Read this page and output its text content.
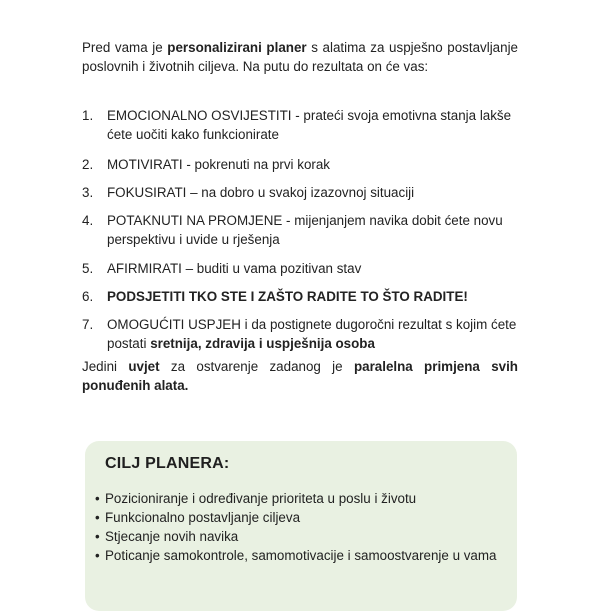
Pred vama je personalizirani planer s alatima za uspješno postavljanje poslovnih i životnih ciljeva. Na putu do rezultata on će vas:

1. EMOCIONALNO OSVIJESTITI - prateći svoja emotivna stanja lakše ćete uočiti kako funkcionirate
2. MOTIVIRATI - pokrenuti na prvi korak
3. FOKUSIRATI – na dobro u svakoj izazovnoj situaciji
4. POTAKNUTI NA PROMJENE - mijenjanjem navika dobit ćete novu perspektivu i uvide u rješenja
5. AFIRMIRATI – buditi u vama pozitivan stav
6. PODSJETITI TKO STE I ZAŠTO RADITE TO ŠTO RADITE!
7. OMOGUĆITI USPJEH i da postignete dugoročni rezultat s kojim ćete postati sretnija, zdravija i uspješnija osoba

Jedini uvjet za ostvarenje zadanog je paralelna primjena svih ponuđenih alata.

CILJ PLANERA:
• Pozicioniranje i određivanje prioriteta u poslu i životu
• Funkcionalno postavljanje ciljeva
• Stjecanje novih navika
• Poticanje samokontrole, samomotivacije i samoostvarenje u vama
